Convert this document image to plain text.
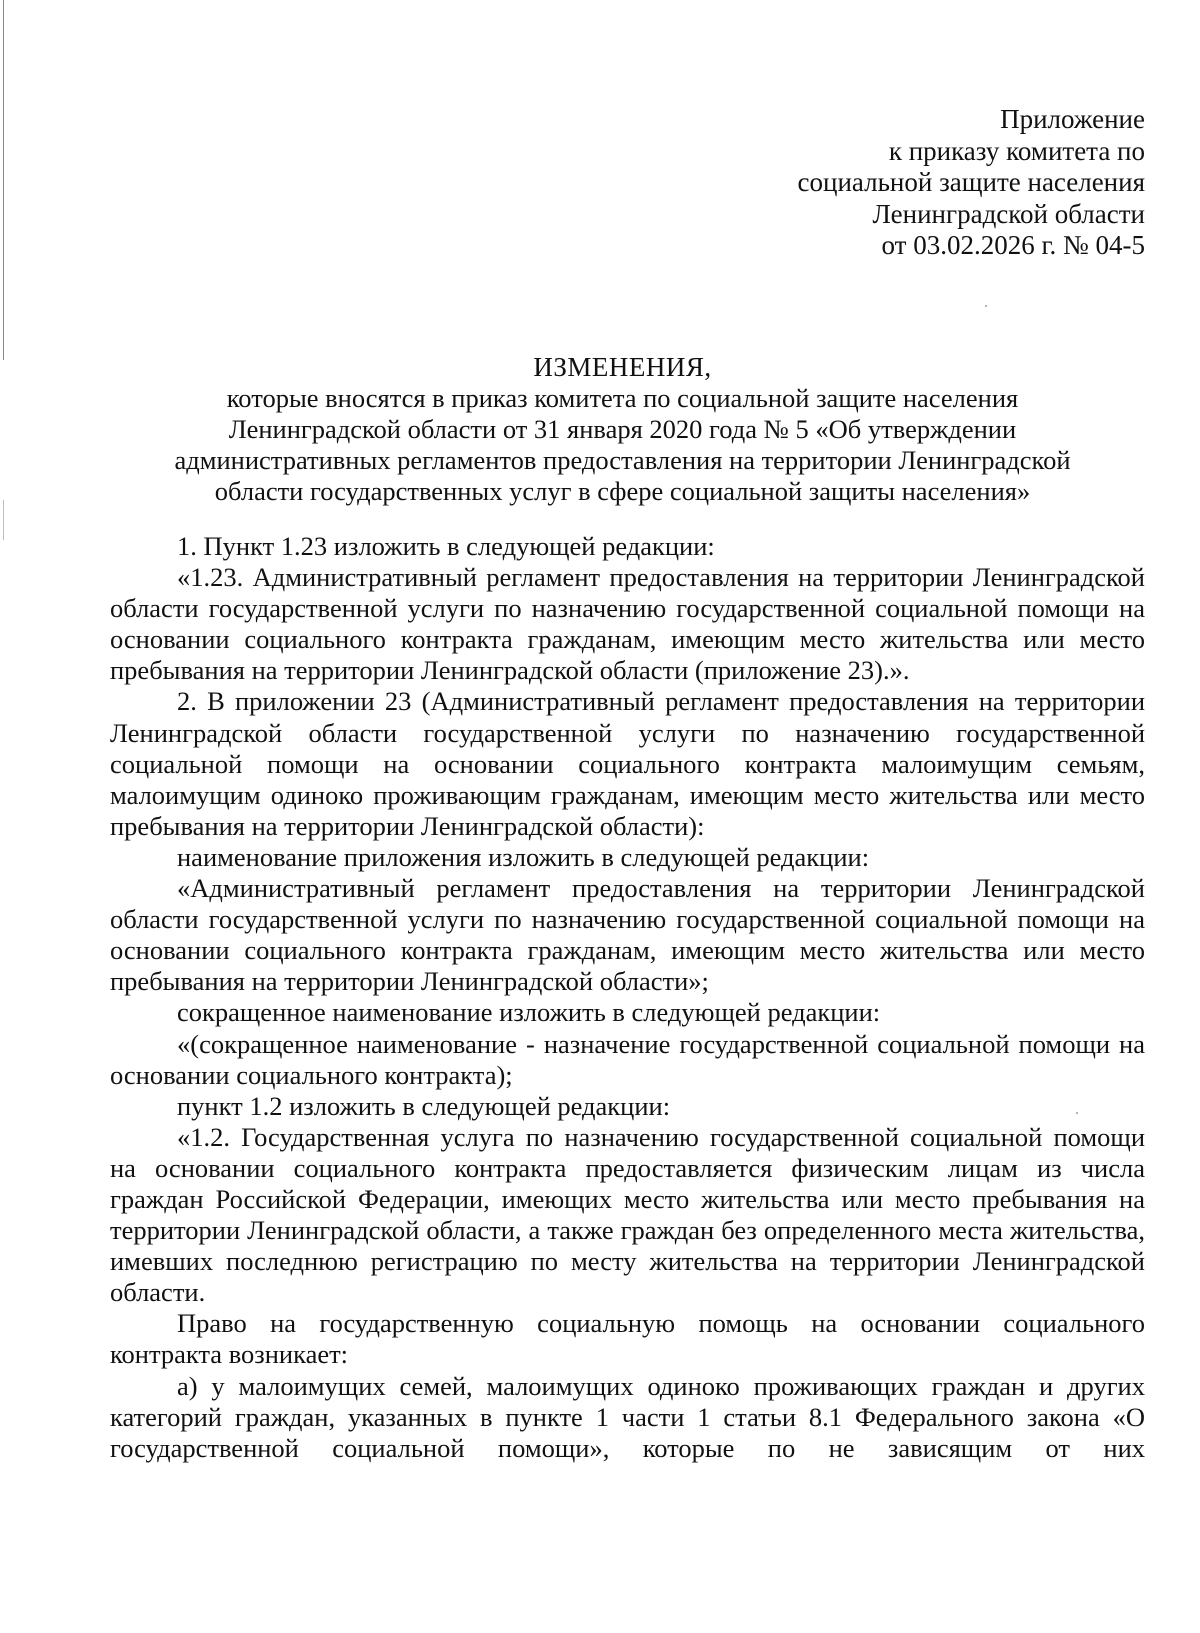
Приложение
к приказу комитета по
социальной защите населения
Ленинградской области
от 03.02.2026 г. № 04-5
ИЗМЕНЕНИЯ,
которые вносятся в приказ комитета по социальной защите населения
Ленинградской области от 31 января 2020 года № 5 «Об утверждении
административных регламентов предоставления на территории Ленинградской
области государственных услуг в сфере социальной защиты населения»

1. Пункт 1.23 изложить в следующей редакции:

«1.23. Административный регламент предоставления на территории Ленинградской области государственной услуги по назначению государственной социальной помощи на основании социального контракта гражданам, имеющим место жительства или место пребывания на территории Ленинградской области (приложение 23).».

2. В приложении 23 (Административный регламент предоставления на территории Ленинградской области государственной услуги по назначению государственной социальной помощи на основании социального контракта малоимущим семьям, малоимущим одиноко проживающим гражданам, имеющим место жительства или место пребывания на территории Ленинградской области):

наименование приложения изложить в следующей редакции:

«Административный регламент предоставления на территории Ленинградской области государственной услуги по назначению государственной социальной помощи на основании социального контракта гражданам, имеющим место жительства или место пребывания на территории Ленинградской области»;

сокращенное наименование изложить в следующей редакции:

«(сокращенное наименование - назначение государственной социальной помощи на основании социального контракта);

пункт 1.2 изложить в следующей редакции:

«1.2. Государственная услуга по назначению государственной социальной помощи на основании социального контракта предоставляется физическим лицам из числа граждан Российской Федерации, имеющих место жительства или место пребывания на территории Ленинградской области, а также граждан без определенного места жительства, имевших последнюю регистрацию по месту жительства на территории Ленинградской области.

Право на государственную социальную помощь на основании социального контракта возникает:

а) у малоимущих семей, малоимущих одиноко проживающих граждан и других категорий граждан, указанных в пункте 1 части 1 статьи 8.1 Федерального закона «О государственной социальной помощи», которые по не зависящим от них
